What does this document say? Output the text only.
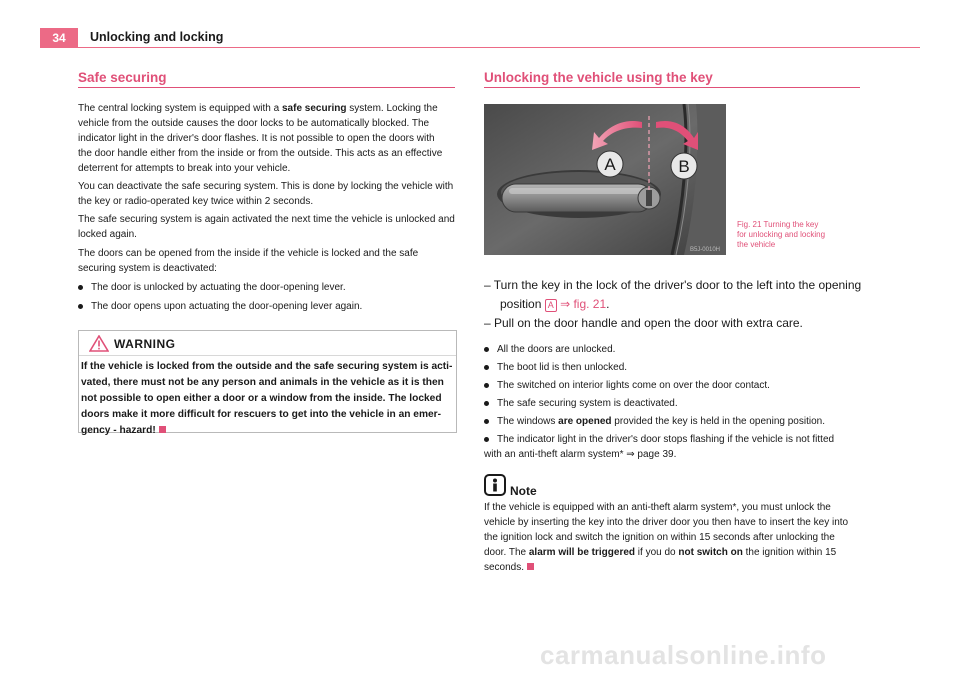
34	Unlocking and locking
Safe securing
The central locking system is equipped with a safe securing system. Locking the
vehicle from the outside causes the door locks to be automatically blocked. The
indicator light in the driver's door flashes. It is not possible to open the doors with
the door handle either from the inside or from the outside. This acts as an effective
deterrent for attempts to break into your vehicle.
You can deactivate the safe securing system. This is done by locking the vehicle with
the key or radio-operated key twice within 2 seconds.
The safe securing system is again activated the next time the vehicle is unlocked and
locked again.
The doors can be opened from the inside if the vehicle is locked and the safe
securing system is deactivated:
The door is unlocked by actuating the door-opening lever.
The door opens upon actuating the door-opening lever again.
WARNING
If the vehicle is locked from the outside and the safe securing system is acti-
vated, there must not be any person and animals in the vehicle as it is then
not possible to open either a door or a window from the inside. The locked
doors make it more difficult for rescuers to get into the vehicle in an emer-
gency - hazard!
Unlocking the vehicle using the key
A	B
B5J-0010H
Fig. 21 Turning the key
for unlocking and locking
the vehicle
– Turn the key in the lock of the driver's door to the left into the opening
position A ⇒ fig. 21.
– Pull on the door handle and open the door with extra care.
All the doors are unlocked.
The boot lid is then unlocked.
The switched on interior lights come on over the door contact.
The safe securing system is deactivated.
The windows are opened provided the key is held in the opening position.
The indicator light in the driver's door stops flashing if the vehicle is not fitted
with an anti-theft alarm system* ⇒ page 39.
Note
If the vehicle is equipped with an anti-theft alarm system*, you must unlock the
vehicle by inserting the key into the driver door you then have to insert the key into
the ignition lock and switch the ignition on within 15 seconds after unlocking the
door. The alarm will be triggered if you do not switch on the ignition within 15
seconds.
carmanualsonline.info
